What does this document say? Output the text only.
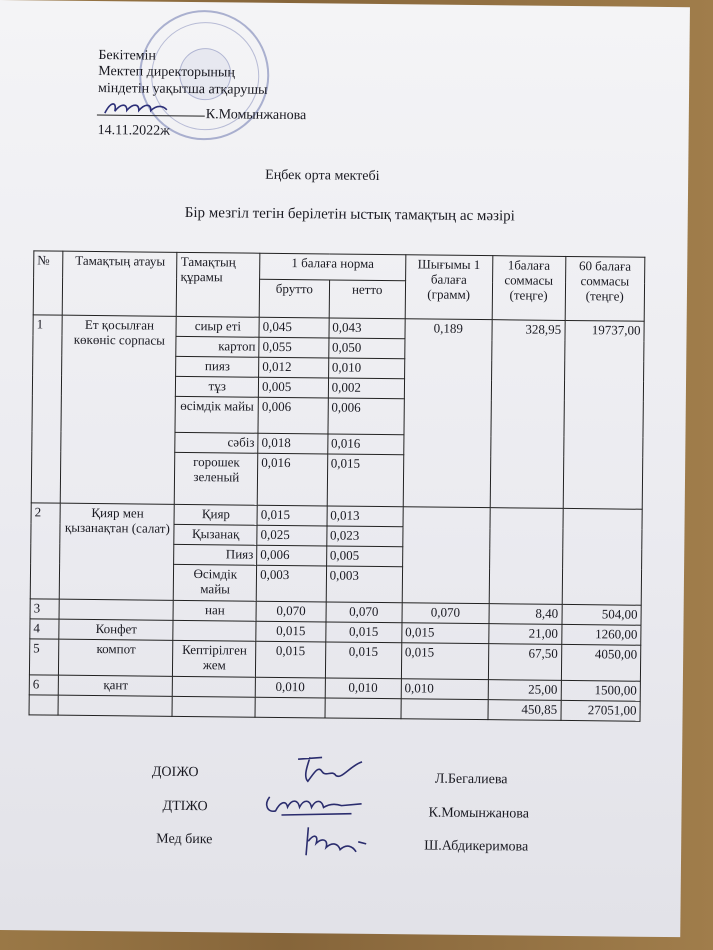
Бекітемін
Мектеп директорының
міндетін уақытша атқарушы
К.Момынжанова
14.11.2022ж
Еңбек орта мектебі
Бір мезгіл тегін берілетін ыстық тамақтың ас мәзірі
№	Тамақтың атауы	Тамақтың құрамы	1 балаға норма		Шығымы 1 балаға (грамм)	1балаға соммасы (теңге)	60 балаға соммасы (теңге)
			брутто	нетто			
1	Ет қосылған көкөніс сорпасы	сиыр еті	0,045	0,043	0,189	328,95	19737,00
		картоп	0,055	0,050			
		пияз	0,012	0,010			
		тұз	0,005	0,002			
		өсімдік майы	0,006	0,006			
		сәбіз	0,018	0,016			
		горошек зеленый	0,016	0,015			
2	Қияр мен қызанақтан (салат)	Қияр	0,015	0,013			
		Қызанақ	0,025	0,023			
		Пияз	0,006	0,005			
		Өсімдік майы	0,003	0,003			
3		нан	0,070	0,070	0,070	8,40	504,00
4	Конфет		0,015	0,015	0,015	21,00	1260,00
5	компот	Кептірілген жем	0,015	0,015	0,015	67,50	4050,00
6	қант		0,010	0,010	0,010	25,00	1500,00
						450,85	27051,00
ДОІЖО	Л.Бегалиева
ДТІЖО	К.Момынжанова
Мед бике	Ш.Абдикеримова
